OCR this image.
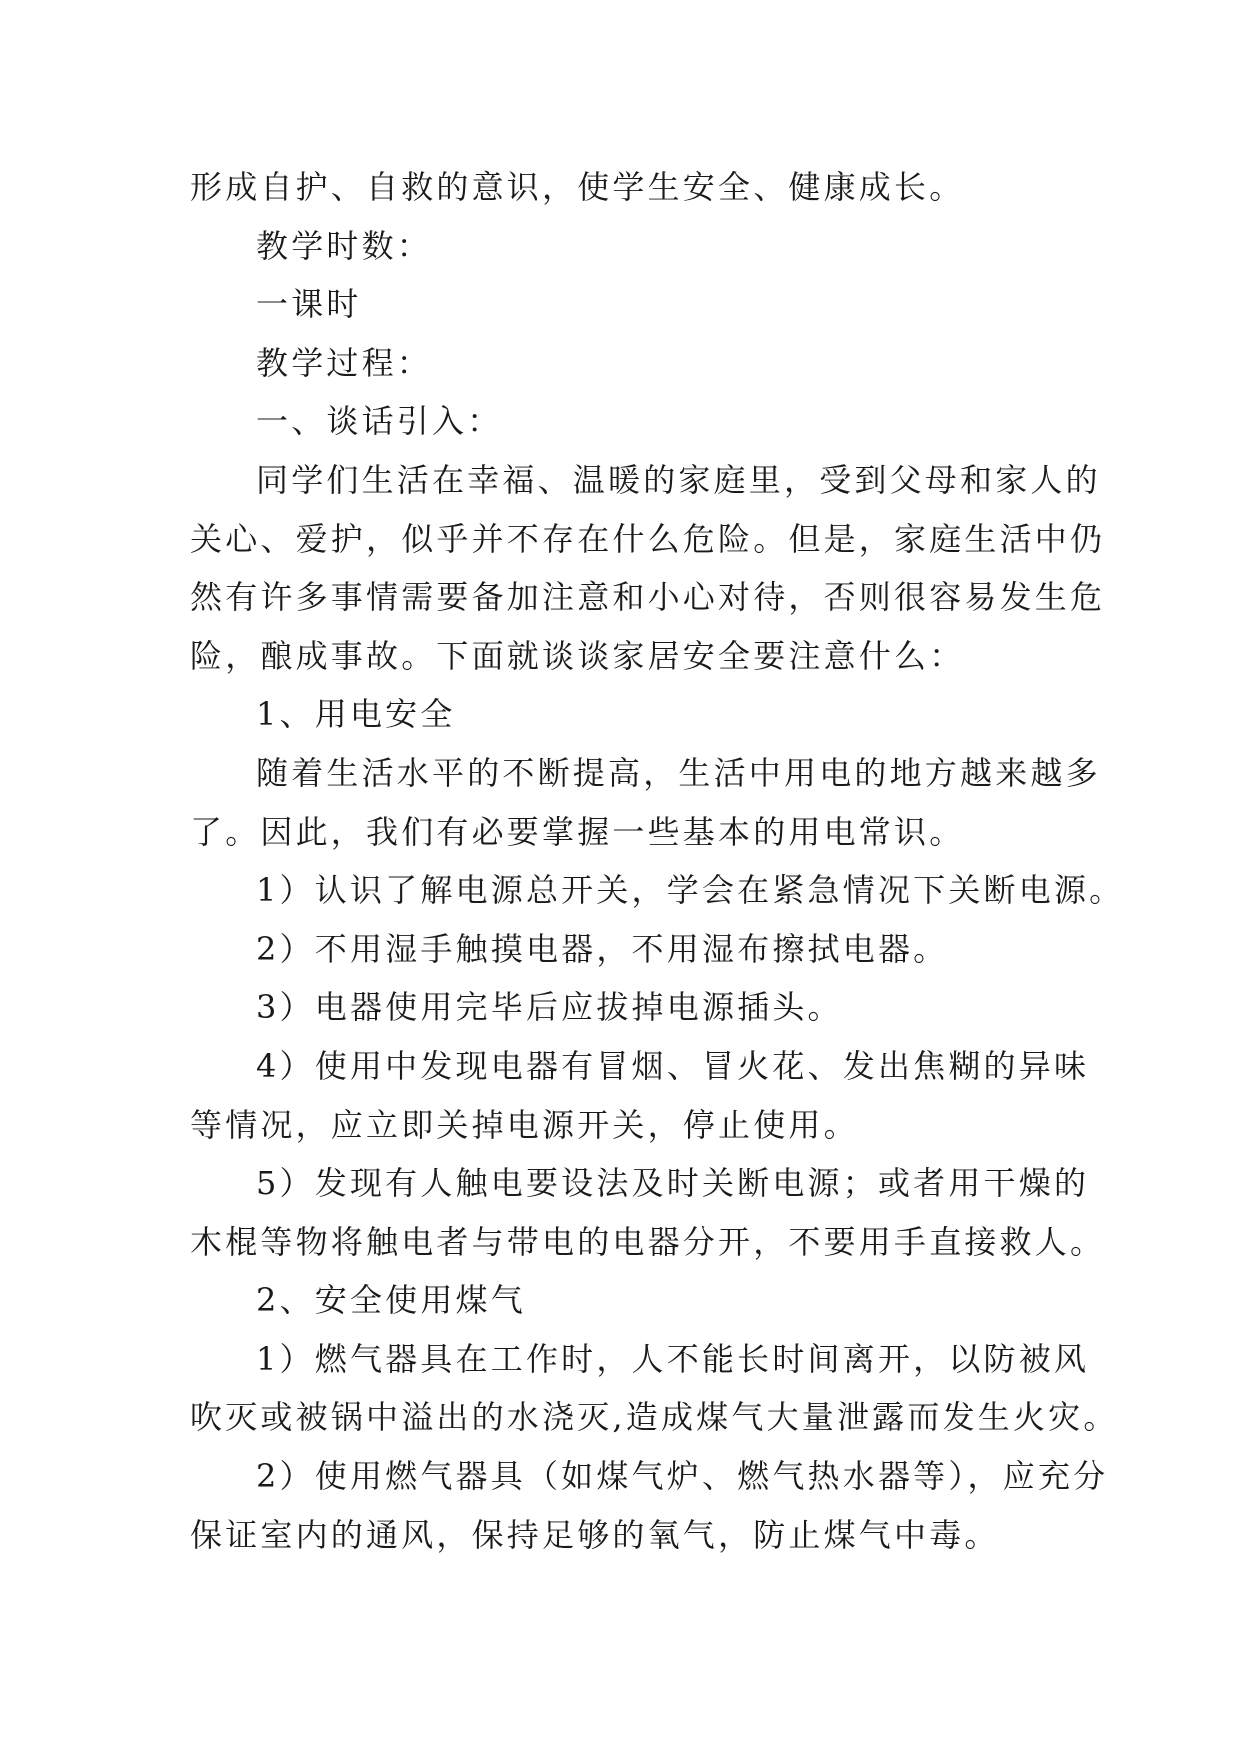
形成自护、自救的意识，使学生安全、健康成长。
教学时数：
一课时
教学过程：
一、谈话引入：
同学们生活在幸福、温暖的家庭里，受到父母和家人的
关心、爱护，似乎并不存在什么危险。但是，家庭生活中仍
然有许多事情需要备加注意和小心对待，否则很容易发生危
险，酿成事故。下面就谈谈家居安全要注意什么：
1、用电安全
随着生活水平的不断提高，生活中用电的地方越来越多
了。因此，我们有必要掌握一些基本的用电常识。
1）认识了解电源总开关，学会在紧急情况下关断电源。
2）不用湿手触摸电器，不用湿布擦拭电器。
3）电器使用完毕后应拔掉电源插头。
4）使用中发现电器有冒烟、冒火花、发出焦糊的异味
等情况，应立即关掉电源开关，停止使用。
5）发现有人触电要设法及时关断电源；或者用干燥的
木棍等物将触电者与带电的电器分开，不要用手直接救人。
2、安全使用煤气
1）燃气器具在工作时，人不能长时间离开，以防被风
吹灭或被锅中溢出的水浇灭,造成煤气大量泄露而发生火灾。
2）使用燃气器具（如煤气炉、燃气热水器等），应充分
保证室内的通风，保持足够的氧气，防止煤气中毒。
